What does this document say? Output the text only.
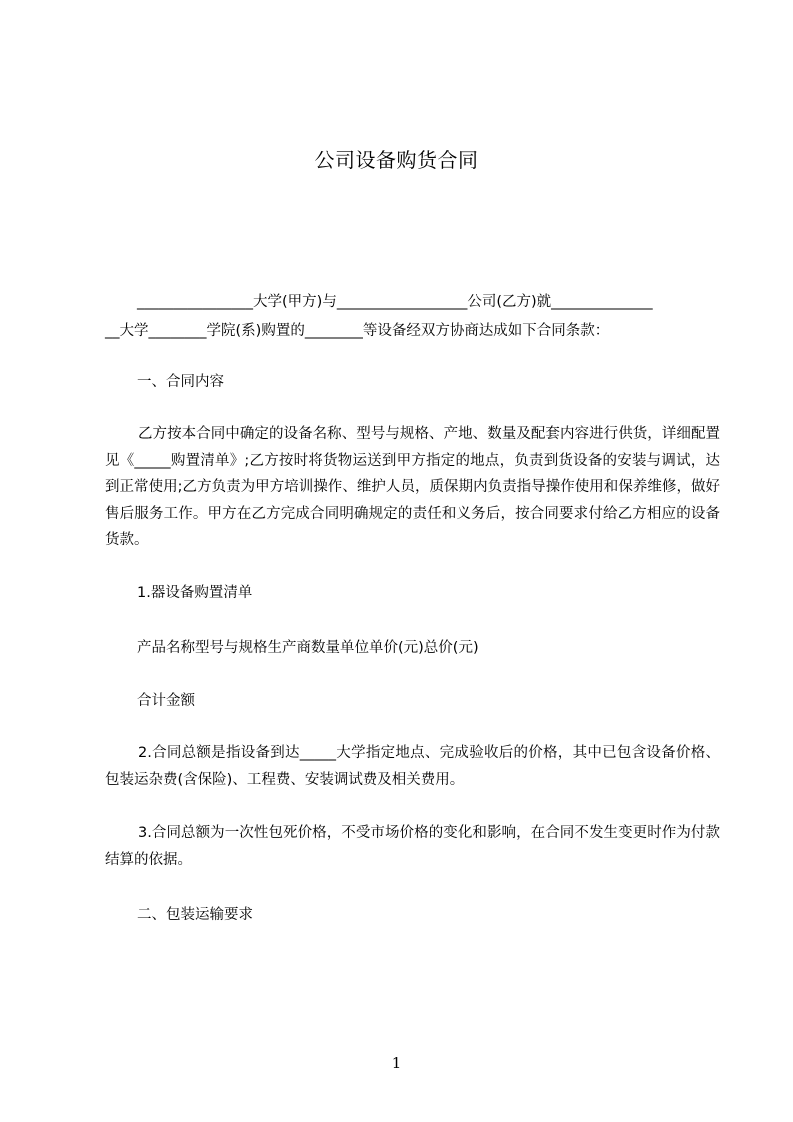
公司设备购货合同
________________大学(甲方)与__________________公司(乙方)就______________
__大学________学院(系)购置的________等设备经双方协商达成如下合同条款：
一、合同内容
乙方按本合同中确定的设备名称、型号与规格、产地、数量及配套内容进行供货，详细配置见《_____购置清单》;乙方按时将货物运送到甲方指定的地点，负责到货设备的安装与调试，达到正常使用;乙方负责为甲方培训操作、维护人员，质保期内负责指导操作使用和保养维修，做好售后服务工作。甲方在乙方完成合同明确规定的责任和义务后，按合同要求付给乙方相应的设备货款。
1.器设备购置清单
产品名称型号与规格生产商数量单位单价(元)总价(元)
合计金额
2.合同总额是指设备到达_____大学指定地点、完成验收后的价格，其中已包含设备价格、包装运杂费(含保险)、工程费、安装调试费及相关费用。
3.合同总额为一次性包死价格，不受市场价格的变化和影响，在合同不发生变更时作为付款结算的依据。
二、包装运输要求
1
